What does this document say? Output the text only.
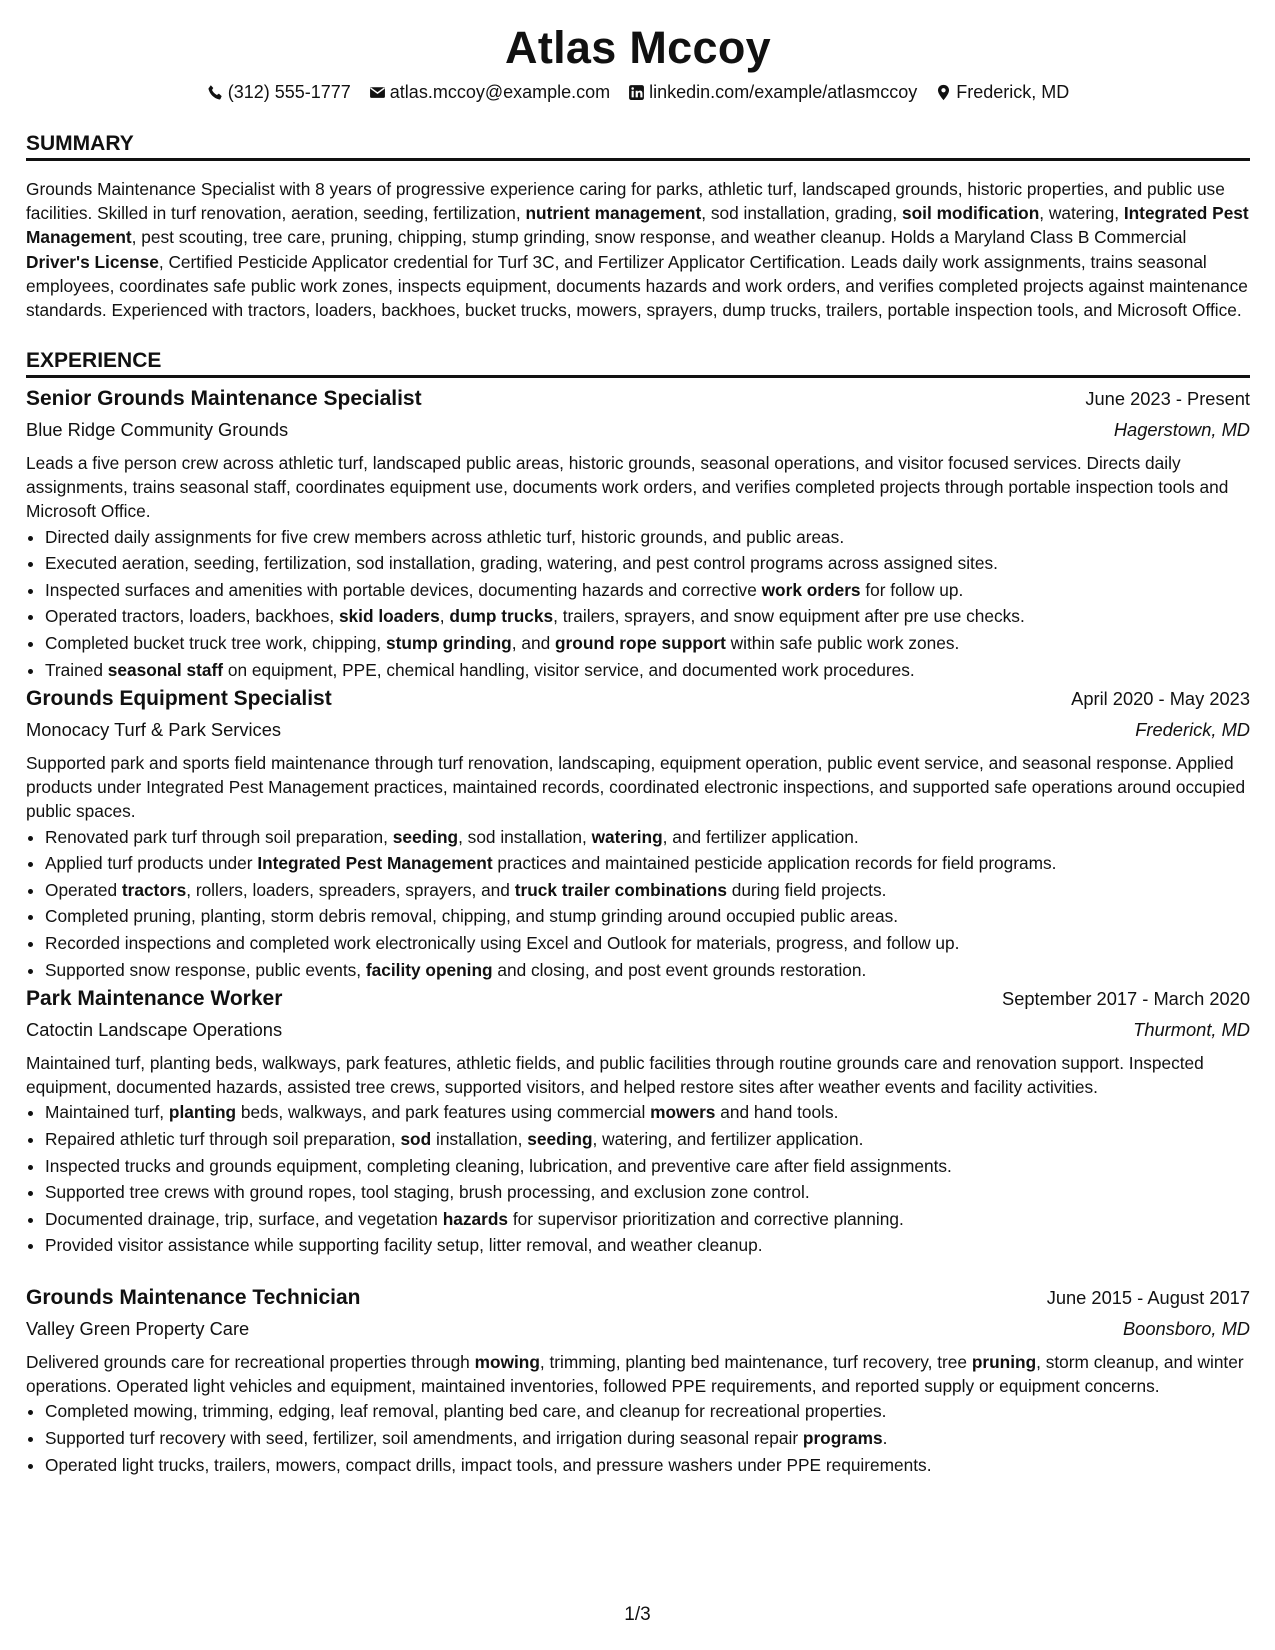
Atlas Mccoy
(312) 555-1777 atlas.mccoy@example.com linkedin.com/example/atlasmccoy Frederick, MD
SUMMARY
Grounds Maintenance Specialist with 8 years of progressive experience caring for parks, athletic turf, landscaped grounds, historic properties, and public use facilities. Skilled in turf renovation, aeration, seeding, fertilization, nutrient management, sod installation, grading, soil modification, watering, Integrated Pest Management, pest scouting, tree care, pruning, chipping, stump grinding, snow response, and weather cleanup. Holds a Maryland Class B Commercial Driver's License, Certified Pesticide Applicator credential for Turf 3C, and Fertilizer Applicator Certification. Leads daily work assignments, trains seasonal employees, coordinates safe public work zones, inspects equipment, documents hazards and work orders, and verifies completed projects against maintenance standards. Experienced with tractors, loaders, backhoes, bucket trucks, mowers, sprayers, dump trucks, trailers, portable inspection tools, and Microsoft Office.
EXPERIENCE
Senior Grounds Maintenance Specialist	June 2023 - Present
Blue Ridge Community Grounds	Hagerstown, MD
Leads a five person crew across athletic turf, landscaped public areas, historic grounds, seasonal operations, and visitor focused services. Directs daily assignments, trains seasonal staff, coordinates equipment use, documents work orders, and verifies completed projects through portable inspection tools and Microsoft Office.
• Directed daily assignments for five crew members across athletic turf, historic grounds, and public areas.
• Executed aeration, seeding, fertilization, sod installation, grading, watering, and pest control programs across assigned sites.
• Inspected surfaces and amenities with portable devices, documenting hazards and corrective work orders for follow up.
• Operated tractors, loaders, backhoes, skid loaders, dump trucks, trailers, sprayers, and snow equipment after pre use checks.
• Completed bucket truck tree work, chipping, stump grinding, and ground rope support within safe public work zones.
• Trained seasonal staff on equipment, PPE, chemical handling, visitor service, and documented work procedures.
Grounds Equipment Specialist	April 2020 - May 2023
Monocacy Turf & Park Services	Frederick, MD
Supported park and sports field maintenance through turf renovation, landscaping, equipment operation, public event service, and seasonal response. Applied products under Integrated Pest Management practices, maintained records, coordinated electronic inspections, and supported safe operations around occupied public spaces.
• Renovated park turf through soil preparation, seeding, sod installation, watering, and fertilizer application.
• Applied turf products under Integrated Pest Management practices and maintained pesticide application records for field programs.
• Operated tractors, rollers, loaders, spreaders, sprayers, and truck trailer combinations during field projects.
• Completed pruning, planting, storm debris removal, chipping, and stump grinding around occupied public areas.
• Recorded inspections and completed work electronically using Excel and Outlook for materials, progress, and follow up.
• Supported snow response, public events, facility opening and closing, and post event grounds restoration.
Park Maintenance Worker	September 2017 - March 2020
Catoctin Landscape Operations	Thurmont, MD
Maintained turf, planting beds, walkways, park features, athletic fields, and public facilities through routine grounds care and renovation support. Inspected equipment, documented hazards, assisted tree crews, supported visitors, and helped restore sites after weather events and facility activities.
• Maintained turf, planting beds, walkways, and park features using commercial mowers and hand tools.
• Repaired athletic turf through soil preparation, sod installation, seeding, watering, and fertilizer application.
• Inspected trucks and grounds equipment, completing cleaning, lubrication, and preventive care after field assignments.
• Supported tree crews with ground ropes, tool staging, brush processing, and exclusion zone control.
• Documented drainage, trip, surface, and vegetation hazards for supervisor prioritization and corrective planning.
• Provided visitor assistance while supporting facility setup, litter removal, and weather cleanup.
Grounds Maintenance Technician	June 2015 - August 2017
Valley Green Property Care	Boonsboro, MD
Delivered grounds care for recreational properties through mowing, trimming, planting bed maintenance, turf recovery, tree pruning, storm cleanup, and winter operations. Operated light vehicles and equipment, maintained inventories, followed PPE requirements, and reported supply or equipment concerns.
• Completed mowing, trimming, edging, leaf removal, planting bed care, and cleanup for recreational properties.
• Supported turf recovery with seed, fertilizer, soil amendments, and irrigation during seasonal repair programs.
• Operated light trucks, trailers, mowers, compact drills, impact tools, and pressure washers under PPE requirements.
1/3
